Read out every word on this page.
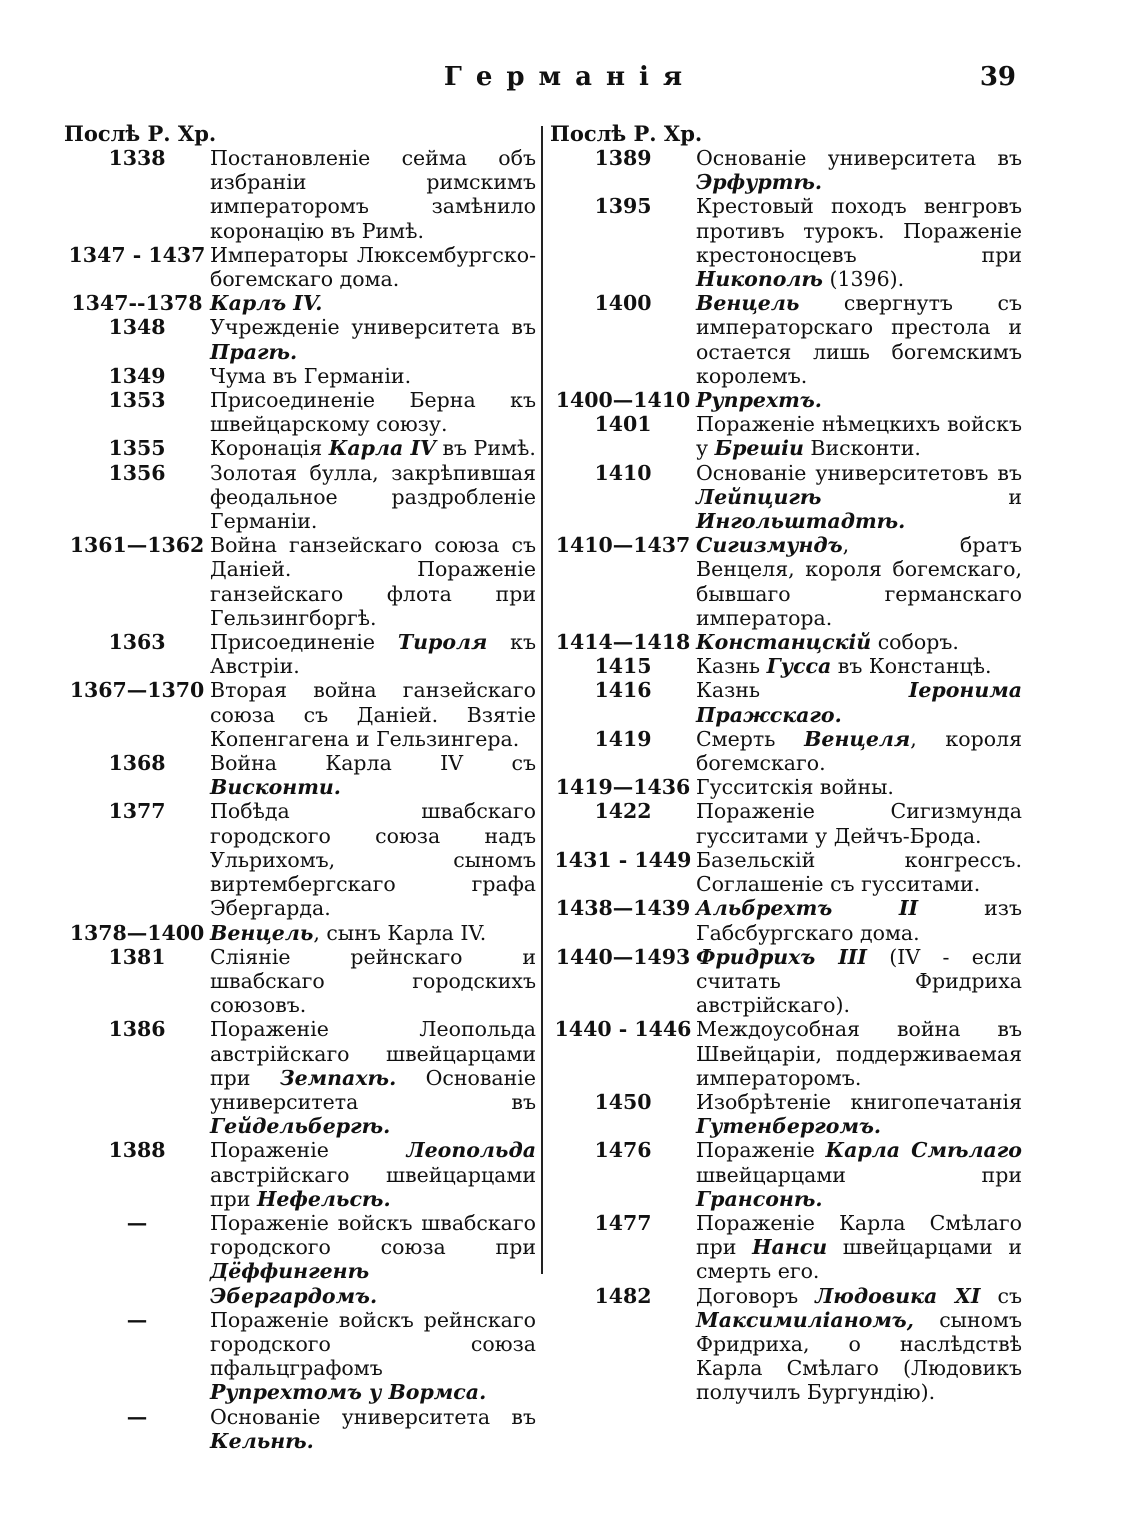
Германія	39
Послѣ Р. Хр.
1338	Постановленіе сейма объ избраніи римскимъ императоромъ замѣнило коронацію въ Римѣ.
1347 - 1437 Императоры Люксембургско-богемскаго дома.
1347--1378 Карлъ IV.
1348	Учрежденіе университета въ Прагѣ.
1349	Чума въ Германіи.
1353	Присоединеніе Берна къ швейцарскому союзу.
1355	Коронація Карла IV въ Римѣ.
1356	Золотая булла, закрѣпившая феодальное раздробленіе Германіи.
1361—1362 Война ганзейскаго союза съ Даніей. Пораженіе ганзейскаго флота при Гельзингборгѣ.
1363	Присоединеніе Тироля къ Австріи.
1367—1370 Вторая война ганзейскаго союза съ Даніей. Взятіе Копенгагена и Гельзингера.
1368	Война Карла IV съ Висконти.
1377	Побѣда швабскаго городского союза надъ Ульрихомъ, сыномъ виртембергскаго графа Эбергарда.
1378—1400 Венцель, сынъ Карла IV.
1381	Сліяніе рейнскаго и швабскаго городскихъ союзовъ.
1386	Пораженіе Леопольда австрійскаго швейцарцами при Земпахѣ. Основаніе университета въ Гейдельбергѣ.
1388	Пораженіе Леопольда австрійскаго швейцарцами при Нефельсѣ.
—	Пораженіе войскъ швабскаго городского союза при Дёффингенѣ Эбергардомъ.
—	Пораженіе войскъ рейнскаго городского союза пфальцграфомъ Рупрехтомъ у Вормса.
—	Основаніе университета въ Кельнѣ.
Послѣ Р. Хр.
1389	Основаніе университета въ Эрфуртѣ.
1395	Крестовый походъ венгровъ противъ турокъ. Пораженіе крестоносцевъ при Никополѣ (1396).
1400	Венцель свергнутъ съ императорскаго престола и остается лишь богемскимъ королемъ.
1400—1410 Рупрехтъ.
1401	Пораженіе нѣмецкихъ войскъ у Брешіи Висконти.
1410	Основаніе университетовъ въ Лейпцигѣ и Ингольштадтѣ.
1410—1437 Сигизмундъ, братъ Венцеля, короля богемскаго, бывшаго германскаго императора.
1414—1418 Констанцскій соборъ.
1415	Казнь Гусса въ Констанцѣ.
1416	Казнь Іеронима Пражскаго.
1419	Смерть Венцеля, короля богемскаго.
1419—1436 Гусситскія войны.
1422	Пораженіе Сигизмунда гусситами у Дейчъ-Брода.
1431 - 1449 Базельскій конгрессъ. Соглашеніе съ гусситами.
1438—1439 Альбрехтъ II изъ Габсбургскаго дома.
1440—1493 Фридрихъ III (IV - если считать Фридриха австрійскаго).
1440 - 1446 Междоусобная война въ Швейцаріи, поддерживаемая императоромъ.
1450	Изобрѣтеніе книгопечатанія Гутенбергомъ.
1476	Пораженіе Карла Смѣлаго швейцарцами при Грансонѣ.
1477	Пораженіе Карла Смѣлаго при Нанси швейцарцами и смерть его.
1482	Договоръ Людовика XI съ Максимиліаномъ, сыномъ Фридриха, о наслѣдствѣ Карла Смѣлаго (Людовикъ получилъ Бургундію).
